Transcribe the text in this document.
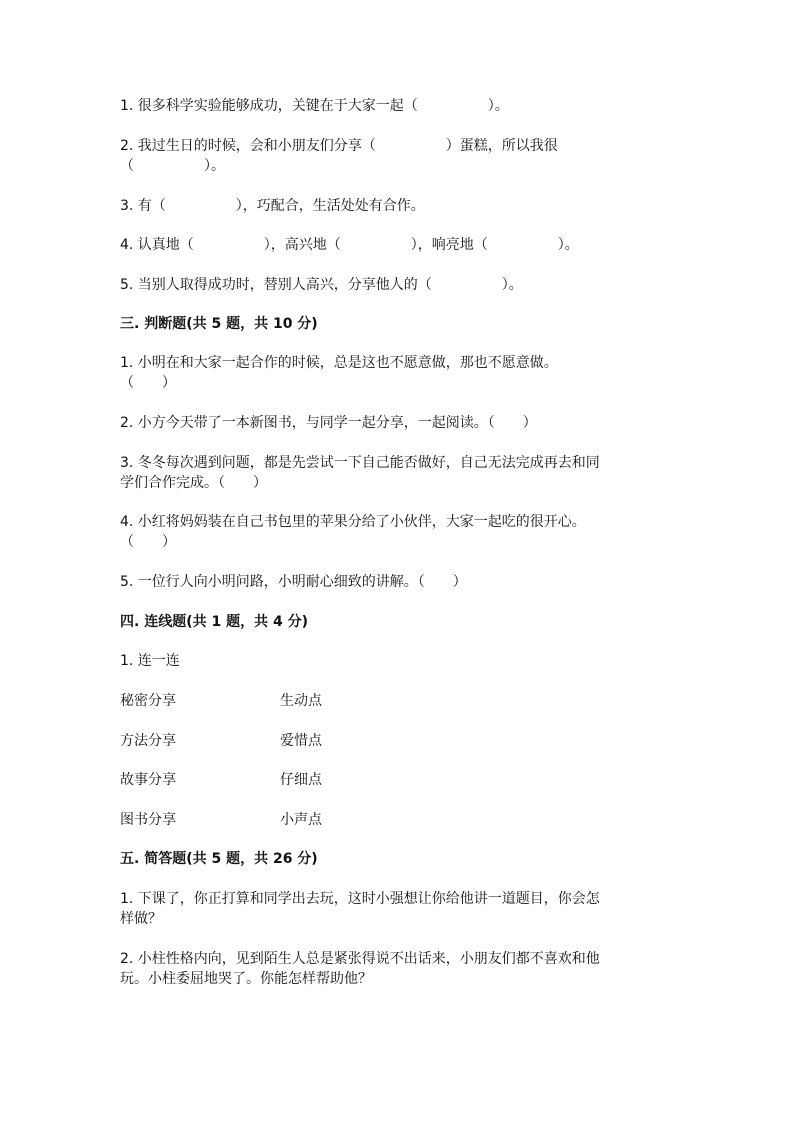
1. 很多科学实验能够成功，关键在于大家一起（　　　　　）。
2. 我过生日的时候，会和小朋友们分享（　　　　　）蛋糕，所以我很
（　　　　　）。
3. 有（　　　　　），巧配合，生活处处有合作。
4. 认真地（　　　　　），高兴地（　　　　　），响亮地（　　　　　）。
5. 当别人取得成功时，替别人高兴，分享他人的（　　　　　）。
三. 判断题(共 5 题，共 10 分)
1. 小明在和大家一起合作的时候，总是这也不愿意做，那也不愿意做。
（　　）
2. 小方今天带了一本新图书，与同学一起分享，一起阅读。（　　）
3. 冬冬每次遇到问题，都是先尝试一下自己能否做好，自己无法完成再去和同
学们合作完成。（　　）
4. 小红将妈妈装在自己书包里的苹果分给了小伙伴，大家一起吃的很开心。
（　　）
5. 一位行人向小明问路，小明耐心细致的讲解。（　　）
四. 连线题(共 1 题，共 4 分)
1. 连一连
秘密分享	生动点
方法分享	爱惜点
故事分享	仔细点
图书分享	小声点
五. 简答题(共 5 题，共 26 分)
1. 下课了，你正打算和同学出去玩，这时小强想让你给他讲一道题目，你会怎
样做？
2. 小柱性格内向，见到陌生人总是紧张得说不出话来，小朋友们都不喜欢和他
玩。小柱委屈地哭了。你能怎样帮助他？
